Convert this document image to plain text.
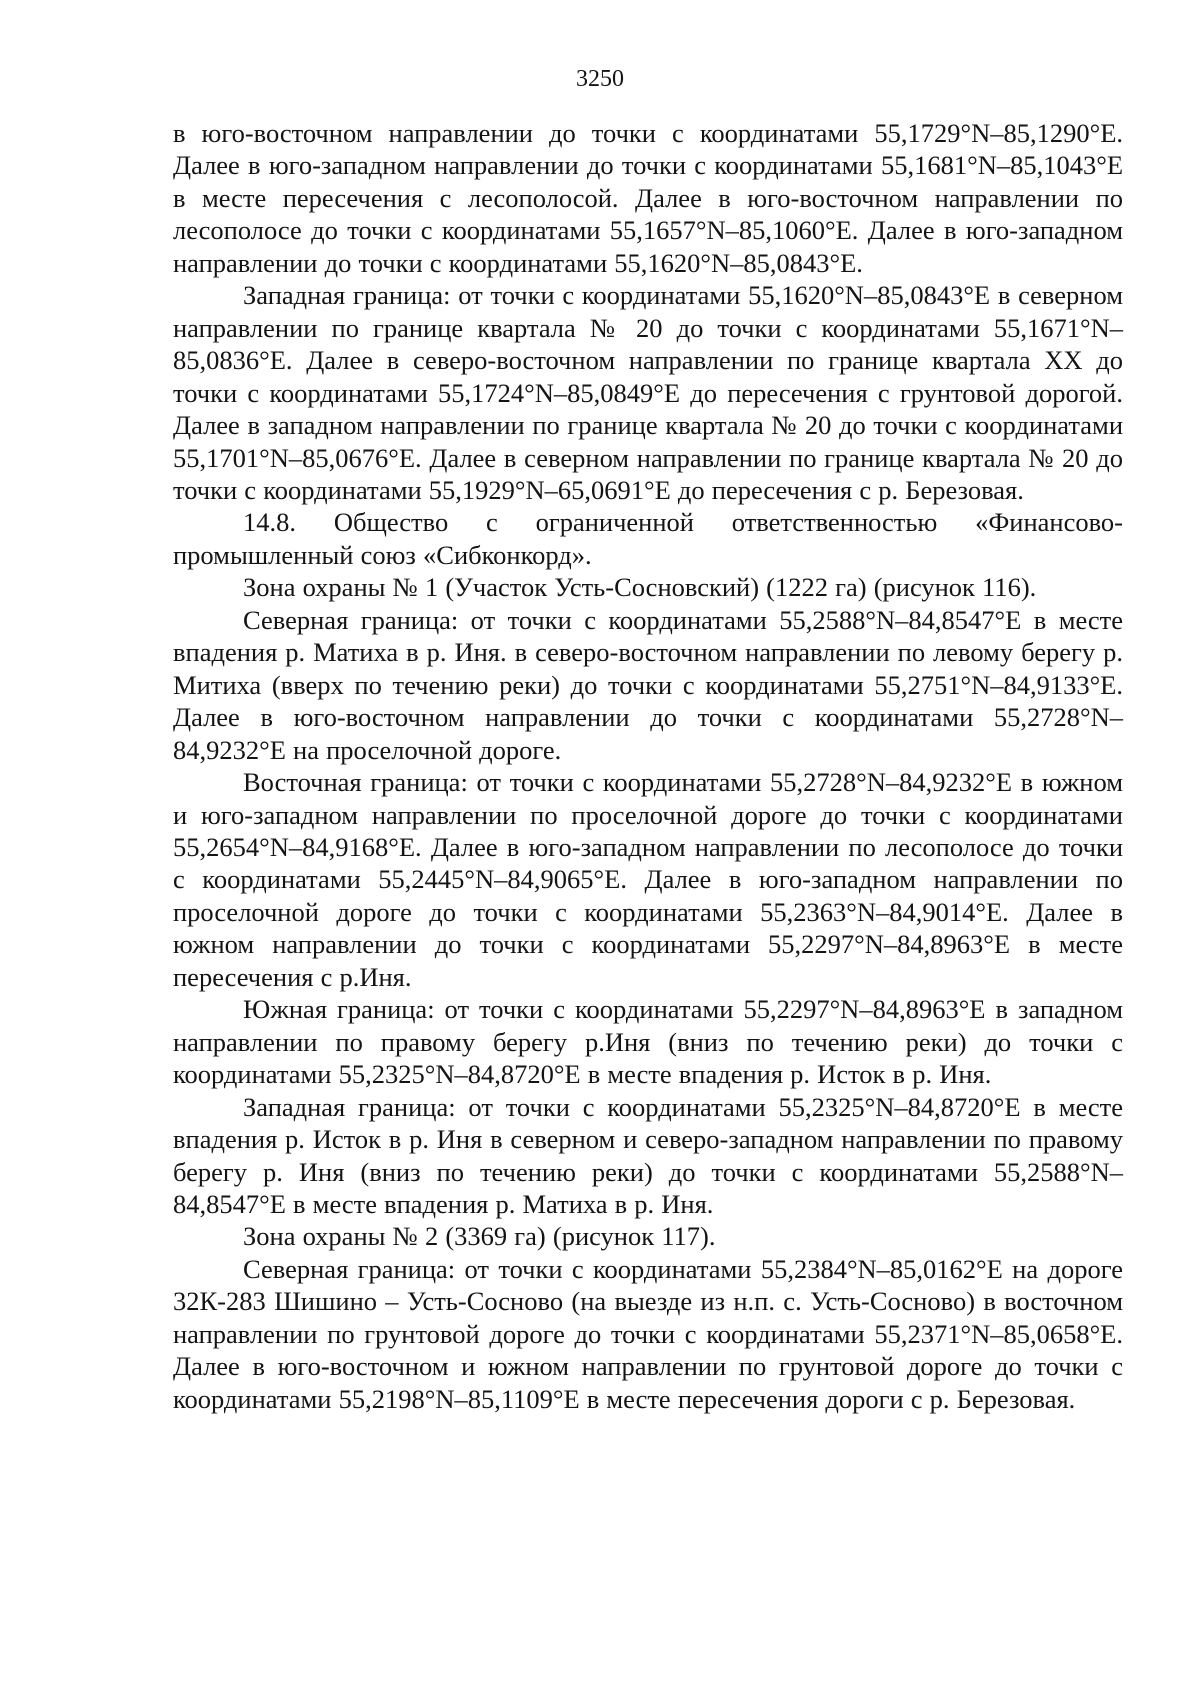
3250

в юго-восточном направлении до точки с координатами 55,1729°N–85,1290°E. Далее в юго-западном направлении до точки с координатами 55,1681°N–85,1043°E в месте пересечения с лесополосой. Далее в юго-восточном направлении по лесополосе до точки с координатами 55,1657°N–85,1060°E. Далее в юго-западном направлении до точки с координатами 55,1620°N–85,0843°E.

Западная граница: от точки с координатами 55,1620°N–85,0843°E в северном направлении по границе квартала № 20 до точки с координатами 55,1671°N–85,0836°E. Далее в северо-восточном направлении по границе квартала XX до точки с координатами 55,1724°N–85,0849°E до пересечения с грунтовой дорогой. Далее в западном направлении по границе квартала № 20 до точки с координатами 55,1701°N–85,0676°E. Далее в северном направлении по границе квартала № 20 до точки с координатами 55,1929°N–65,0691°E до пересечения с р. Березовая.

14.8. Общество с ограниченной ответственностью «Финансово-промышленный союз «Сибконкорд».

Зона охраны № 1 (Участок Усть-Сосновский) (1222 га) (рисунок 116).

Северная граница: от точки с координатами 55,2588°N–84,8547°E в месте впадения р. Матиха в р. Иня. в северо-восточном направлении по левому берегу р. Митиха (вверх по течению реки) до точки с координатами 55,2751°N–84,9133°E. Далее в юго-восточном направлении до точки с координатами 55,2728°N–84,9232°E на проселочной дороге.

Восточная граница: от точки с координатами 55,2728°N–84,9232°E в южном и юго-западном направлении по проселочной дороге до точки с координатами 55,2654°N–84,9168°E. Далее в юго-западном направлении по лесополосе до точки с координатами 55,2445°N–84,9065°E. Далее в юго-западном направлении по проселочной дороге до точки с координатами 55,2363°N–84,9014°E. Далее в южном направлении до точки с координатами 55,2297°N–84,8963°E в месте пересечения с р.Иня.

Южная граница: от точки с координатами 55,2297°N–84,8963°E в западном направлении по правому берегу р.Иня (вниз по течению реки) до точки с координатами 55,2325°N–84,8720°E в месте впадения р. Исток в р. Иня.

Западная граница: от точки с координатами 55,2325°N–84,8720°E в месте впадения р. Исток в р. Иня в северном и северо-западном направлении по правому берегу р. Иня (вниз по течению реки) до точки с координатами 55,2588°N–84,8547°E в месте впадения р. Матиха в р. Иня.

Зона охраны № 2 (3369 га) (рисунок 117).

Северная граница: от точки с координатами 55,2384°N–85,0162°E на дороге 32К-283 Шишино – Усть-Сосново (на выезде из н.п. с. Усть-Сосново) в восточном направлении по грунтовой дороге до точки с координатами 55,2371°N–85,0658°E. Далее в юго-восточном и южном направлении по грунтовой дороге до точки с координатами 55,2198°N–85,1109°E в месте пересечения дороги с р. Березовая.
